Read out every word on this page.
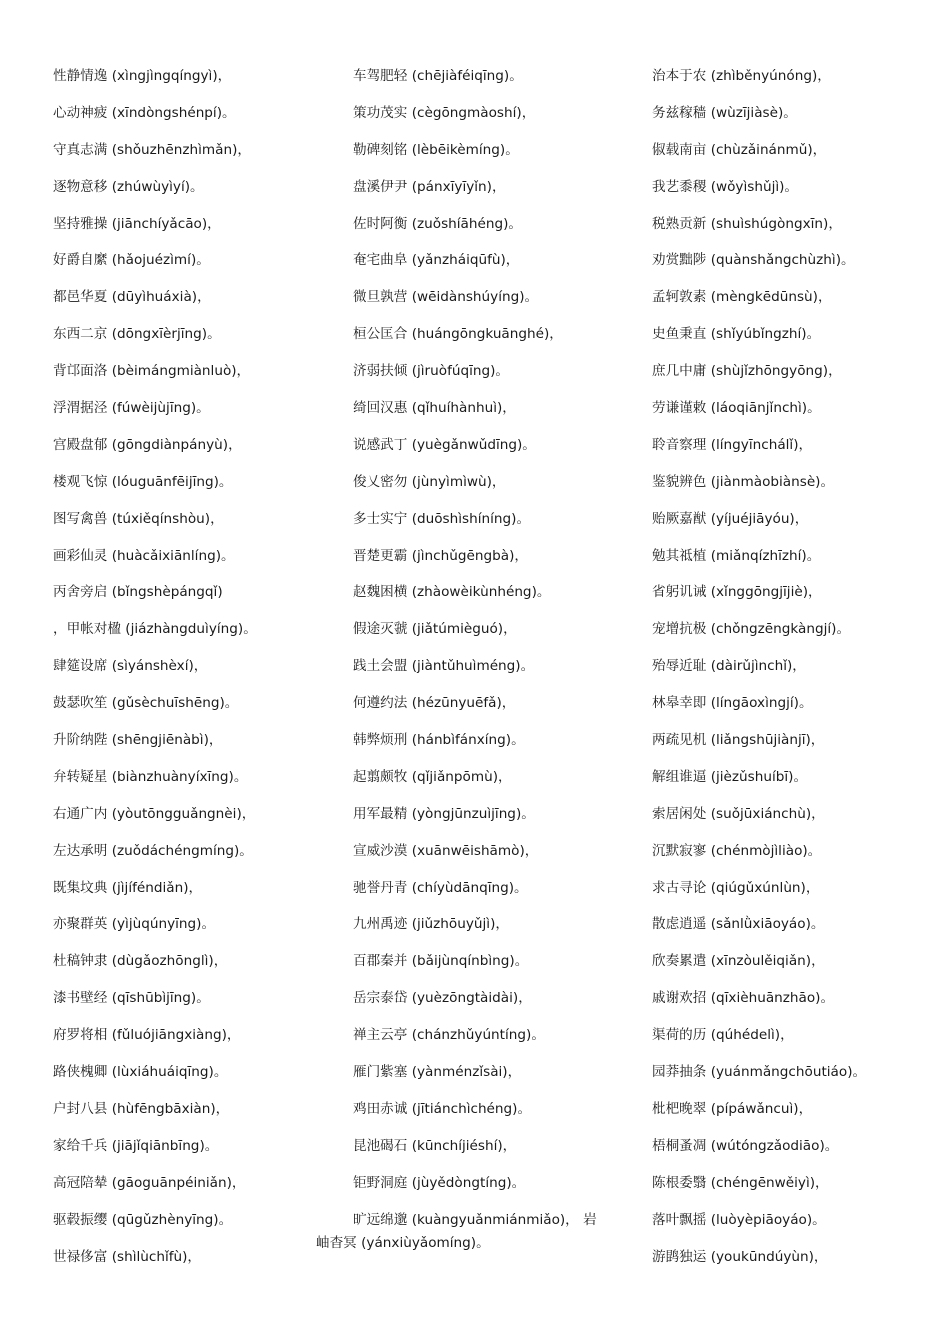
性静情逸 (xìngjìngqíngyì)，
心动神疲 (xīndòngshénpí)。
守真志满 (shǒuzhēnzhìmǎn)，
逐物意移 (zhúwùyìyí)。
坚持雅操 (jiānchíyǎcāo)，
好爵自縻 (hǎojuézìmí)。
都邑华夏 (dūyìhuáxià)，
东西二京 (dōngxīèrjīng)。
背邙面洛 (bèimángmiànluò)，
浮渭据泾 (fúwèijùjīng)。
宫殿盘郁 (gōngdiànpányù)，
楼观飞惊 (lóuguānfēijīng)。
图写禽兽 (túxiěqínshòu)，
画彩仙灵 (huàcǎixiānlíng)。
丙舍旁启 (bǐngshèpángqǐ)
，甲帐对楹 (jiázhàngduìyíng)。
肆筵设席 (sìyánshèxí)，
鼓瑟吹笙 (gǔsèchuīshēng)。
升阶纳陛 (shēngjiēnàbì)，
弁转疑星 (biànzhuànyíxīng)。
右通广内 (yòutōngguǎngnèi)，
左达承明 (zuǒdáchéngmíng)。
既集坟典 (jìjíféndiǎn)，
亦聚群英 (yìjùqúnyīng)。
杜稿钟隶 (dùgǎozhōnglì)，
漆书壁经 (qīshūbìjīng)。
府罗将相 (fǔluójiāngxiàng)，
路侠槐卿 (lùxiáhuáiqīng)。
户封八县 (hùfēngbāxiàn)，
家给千兵 (jiājǐqiānbīng)。
高冠陪辇 (gāoguānpéiniǎn)，
驱毂振缨 (qūgǔzhènyīng)。
世禄侈富 (shìlùchǐfù)，
车驾肥轻 (chējiàféiqīng)。
策功茂实 (cègōngmàoshí)，
勒碑刻铭 (lèbēikèmíng)。
盘溪伊尹 (pánxīyīyǐn)，
佐时阿衡 (zuǒshíāhéng)。
奄宅曲阜 (yǎnzháiqūfù)，
微旦孰营 (wēidànshúyíng)。
桓公匡合 (huángōngkuānghé)，
济弱扶倾 (jìruòfúqīng)。
绮回汉惠 (qǐhuíhànhuì)，
说感武丁 (yuègǎnwǔdīng)。
俊乂密勿 (jùnyìmìwù)，
多士实宁 (duōshìshíníng)。
晋楚更霸 (jìnchǔgēngbà)，
赵魏困横 (zhàowèikùnhéng)。
假途灭虢 (jiǎtúmièguó)，
践土会盟 (jiàntǔhuìméng)。
何遵约法 (hézūnyuēfǎ)，
韩弊烦刑 (hánbìfánxíng)。
起翦颇牧 (qǐjiǎnpōmù)，
用军最精 (yòngjūnzuìjīng)。
宣威沙漠 (xuānwēishāmò)，
驰誉丹青 (chíyùdānqīng)。
九州禹迹 (jiǔzhōuyǔjì)，
百郡秦并 (bǎijùnqínbìng)。
岳宗泰岱 (yuèzōngtàidài)，
禅主云亭 (chánzhǔyúntíng)。
雁门紫塞 (yànménzǐsài)，
鸡田赤诚 (jītiánchìchéng)。
昆池碣石 (kūnchíjiéshí)，
钜野洞庭 (jùyědòngtíng)。
旷远绵邈 (kuàngyuǎnmiánmiǎo)， 岩
治本于农 (zhìběnyúnóng)，
务兹稼穑 (wùzījiàsè)。
俶载南亩 (chùzǎinánmǔ)，
我艺黍稷 (wǒyìshǔjì)。
税熟贡新 (shuìshúgòngxīn)，
劝赏黜陟 (quànshǎngchùzhì)。
孟轲敦素 (mèngkēdūnsù)，
史鱼秉直 (shǐyúbǐngzhí)。
庶几中庸 (shùjǐzhōngyōng)，
劳谦谨敕 (láoqiānjǐnchì)。
聆音察理 (língyīnchálǐ)，
鉴貌辨色 (jiànmàobiànsè)。
贻厥嘉猷 (yíjuéjiāyóu)，
勉其祗植 (miǎnqízhīzhí)。
省躬讥诫 (xǐnggōngjījiè)，
宠增抗极 (chǒngzēngkàngjí)。
殆辱近耻 (dàirǔjìnchǐ)，
林皋幸即 (língāoxìngjí)。
两疏见机 (liǎngshūjiànjī)，
解组谁逼 (jièzǔshuíbī)。
索居闲处 (suǒjūxiánchù)，
沉默寂寥 (chénmòjìliào)。
求古寻论 (qiúgǔxúnlùn)，
散虑逍遥 (sǎnlǜxiāoyáo)。
欣奏累遣 (xīnzòulěiqiǎn)，
戚谢欢招 (qīxièhuānzhāo)。
渠荷的历 (qúhédelì)，
园莽抽条 (yuánmǎngchōutiáo)。
枇杷晚翠 (pípáwǎncuì)，
梧桐蚤凋 (wútóngzǎodiāo)。
陈根委翳 (chéngēnwěiyì)，
落叶飘摇 (luòyèpiāoyáo)。
游鹍独运 (youkūndúyùn)，
岫杳冥 (yánxiùyǎomíng)。
